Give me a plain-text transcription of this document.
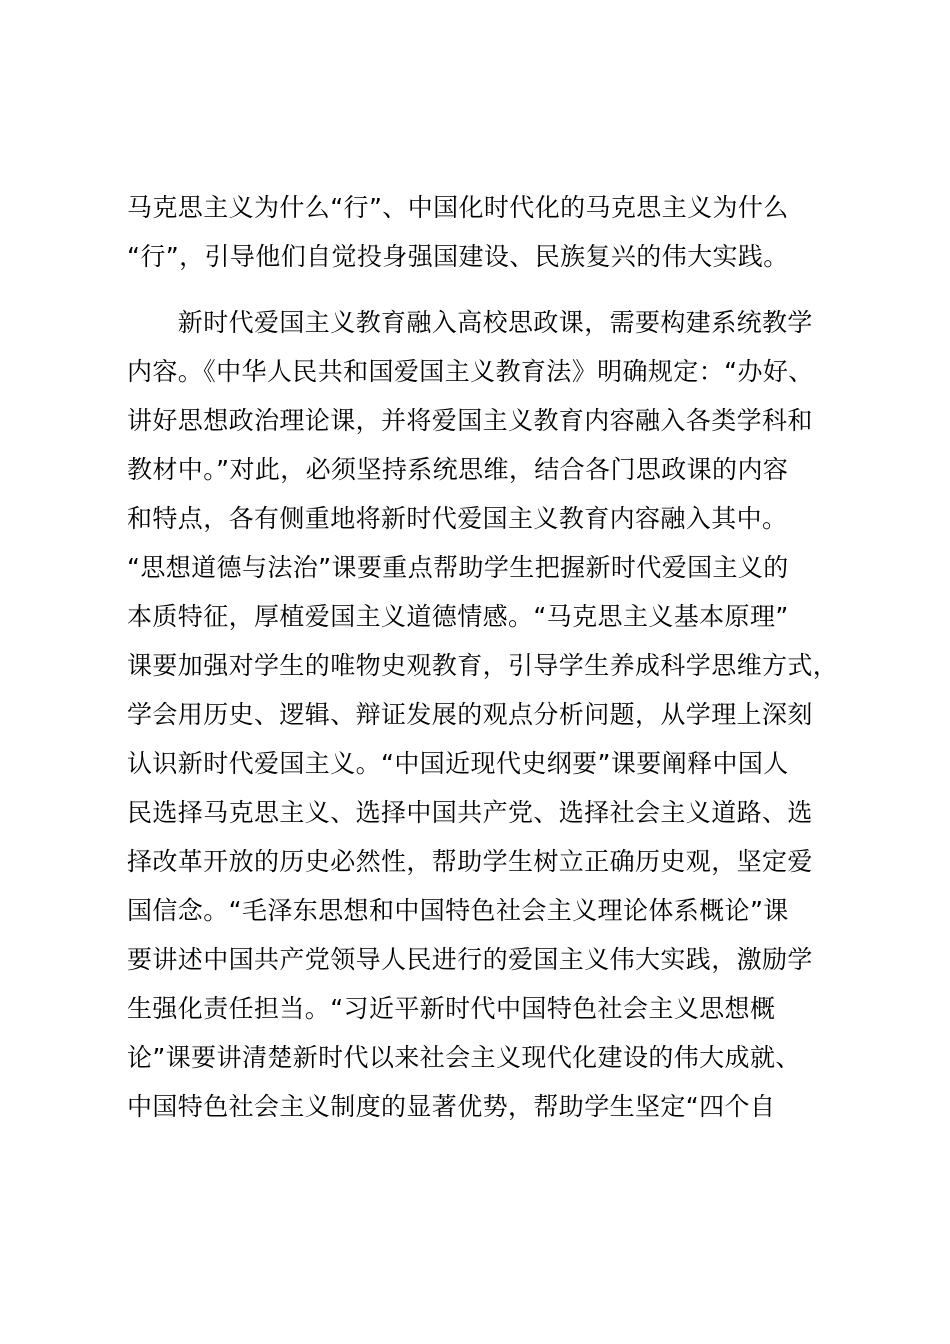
马克思主义为什么“行”、中国化时代化的马克思主义为什么
“行”，引导他们自觉投身强国建设、民族复兴的伟大实践。
　　新时代爱国主义教育融入高校思政课，需要构建系统教学
内容。《中华人民共和国爱国主义教育法》明确规定：“办好、
讲好思想政治理论课，并将爱国主义教育内容融入各类学科和
教材中。”对此，必须坚持系统思维，结合各门思政课的内容
和特点，各有侧重地将新时代爱国主义教育内容融入其中。
“思想道德与法治”课要重点帮助学生把握新时代爱国主义的
本质特征，厚植爱国主义道德情感。“马克思主义基本原理”
课要加强对学生的唯物史观教育，引导学生养成科学思维方式，
学会用历史、逻辑、辩证发展的观点分析问题，从学理上深刻
认识新时代爱国主义。“中国近现代史纲要”课要阐释中国人
民选择马克思主义、选择中国共产党、选择社会主义道路、选
择改革开放的历史必然性，帮助学生树立正确历史观，坚定爱
国信念。“毛泽东思想和中国特色社会主义理论体系概论”课
要讲述中国共产党领导人民进行的爱国主义伟大实践，激励学
生强化责任担当。“习近平新时代中国特色社会主义思想概
论”课要讲清楚新时代以来社会主义现代化建设的伟大成就、
中国特色社会主义制度的显著优势，帮助学生坚定“四个自
